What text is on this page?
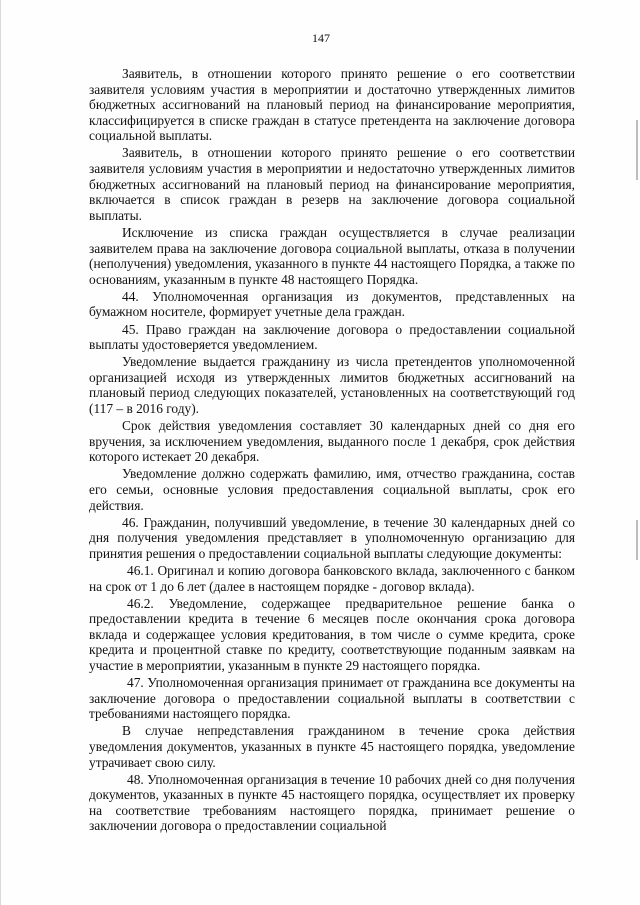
147

Заявитель, в отношении которого принято решение о его соответствии заявителя условиям участия в мероприятии и достаточно утвержденных лимитов бюджетных ассигнований на плановый период на финансирование мероприятия, классифицируется в списке граждан в статусе претендента на заключение договора социальной выплаты.

Заявитель, в отношении которого принято решение о его соответствии заявителя условиям участия в мероприятии и недостаточно утвержденных лимитов бюджетных ассигнований на плановый период на финансирование мероприятия, включается в список граждан в резерв на заключение договора социальной выплаты.

Исключение из списка граждан осуществляется в случае реализации заявителем права на заключение договора социальной выплаты, отказа в получении (неполучения) уведомления, указанного в пункте 44 настоящего Порядка, а также по основаниям, указанным в пункте 48 настоящего Порядка.

44. Уполномоченная организация из документов, представленных на бумажном носителе, формирует учетные дела граждан.

45. Право граждан на заключение договора о предоставлении социальной выплаты удостоверяется уведомлением.

Уведомление выдается гражданину из числа претендентов уполномоченной организацией исходя из утвержденных лимитов бюджетных ассигнований на плановый период следующих показателей, установленных на соответствующий год (117 – в 2016 году).

Срок действия уведомления составляет 30 календарных дней со дня его вручения, за исключением уведомления, выданного после 1 декабря, срок действия которого истекает 20 декабря.

Уведомление должно содержать фамилию, имя, отчество гражданина, состав его семьи, основные условия предоставления социальной выплаты, срок его действия.

46. Гражданин, получивший уведомление, в течение 30 календарных дней со дня получения уведомления представляет в уполномоченную организацию для принятия решения о предоставлении социальной выплаты следующие документы:

46.1. Оригинал и копию договора банковского вклада, заключенного с банком на срок от 1 до 6 лет (далее в настоящем порядке - договор вклада).

46.2. Уведомление, содержащее предварительное решение банка о предоставлении кредита в течение 6 месяцев после окончания срока договора вклада и содержащее условия кредитования, в том числе о сумме кредита, сроке кредита и процентной ставке по кредиту, соответствующие поданным заявкам на участие в мероприятии, указанным в пункте 29 настоящего порядка.

47. Уполномоченная организация принимает от гражданина все документы на заключение договора о предоставлении социальной выплаты в соответствии с требованиями настоящего порядка.

В случае непредставления гражданином в течение срока действия уведомления документов, указанных в пункте 45 настоящего порядка, уведомление утрачивает свою силу.

48. Уполномоченная организация в течение 10 рабочих дней со дня получения документов, указанных в пункте 45 настоящего порядка, осуществляет их проверку на соответствие требованиям настоящего порядка, принимает решение о заключении договора о предоставлении социальной
